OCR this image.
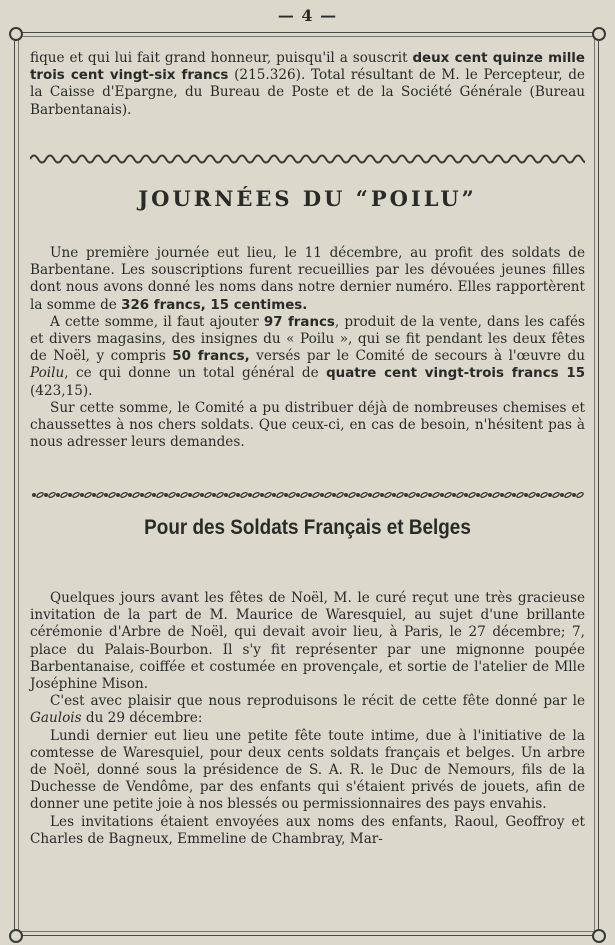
— 4 —

fique et qui lui fait grand honneur, puisqu'il a souscrit deux cent quinze mille trois cent vingt-six francs (215.326). Total résultant de M. le Percepteur, de la Caisse d'Epargne, du Bureau de Poste et de la Société Générale (Bureau Barbentanais).

JOURNÉES DU “POILU”

Une première journée eut lieu, le 11 décembre, au profit des soldats de Barbentane. Les souscriptions furent recueillies par les dévouées jeunes filles dont nous avons donné les noms dans notre dernier numéro. Elles rapportèrent la somme de 326 francs, 15 centimes.

A cette somme, il faut ajouter 97 francs, produit de la vente, dans les cafés et divers magasins, des insignes du « Poilu », qui se fit pendant les deux fêtes de Noël, y compris 50 francs, versés par le Comité de secours à l'œuvre du Poilu, ce qui donne un total général de quatre cent vingt-trois francs 15 (423,15).

Sur cette somme, le Comité a pu distribuer déjà de nombreuses chemises et chaussettes à nos chers soldats. Que ceux-ci, en cas de besoin, n'hésitent pas à nous adresser leurs demandes.

Pour des Soldats Français et Belges

Quelques jours avant les fêtes de Noël, M. le curé reçut une très gracieuse invitation de la part de M. Maurice de Waresquiel, au sujet d'une brillante cérémonie d'Arbre de Noël, qui devait avoir lieu, à Paris, le 27 décembre; 7, place du Palais-Bourbon. Il s'y fit représenter par une mignonne poupée Barbentanaise, coiffée et costumée en provençale, et sortie de l'atelier de Mlle Joséphine Mison.

C'est avec plaisir que nous reproduisons le récit de cette fête donné par le Gaulois du 29 décembre:

Lundi dernier eut lieu une petite fête toute intime, due à l'initiative de la comtesse de Waresquiel, pour deux cents soldats français et belges. Un arbre de Noël, donné sous la présidence de S. A. R. le Duc de Nemours, fils de la Duchesse de Vendôme, par des enfants qui s'étaient privés de jouets, afin de donner une petite joie à nos blessés ou permissionnaires des pays envahis.

Les invitations étaient envoyées aux noms des enfants, Raoul, Geoffroy et Charles de Bagneux, Emmeline de Chambray, Mar-
